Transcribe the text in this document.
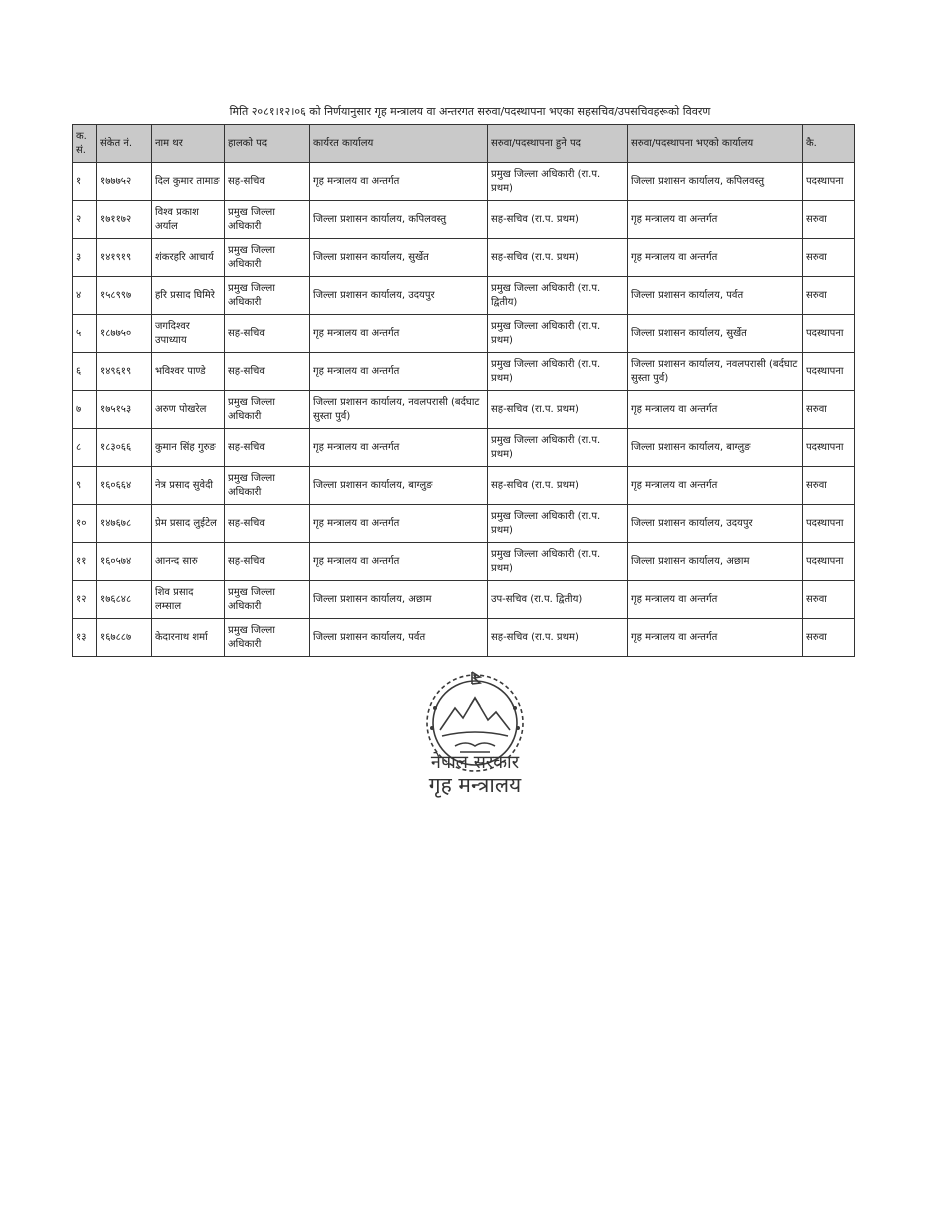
मिति २०८१।१२।०६ को निर्णयानुसार गृह मन्त्रालय वा अन्तरगत सरुवा/पदस्थापना भएका सहसचिव/उपसचिवहरूको विवरण
क.सं.	संकेत नं.	नाम थर	हालको पद	कार्यरत कार्यालय	सरुवा/पदस्थापना हुने पद	सरुवा/पदस्थापना भएको कार्यालय	कै.
१	१७७७५२	दिल कुमार तामाङ	सह-सचिव	गृह मन्त्रालय वा अन्तर्गत	प्रमुख जिल्ला अधिकारी (रा.प. प्रथम)	जिल्ला प्रशासन कार्यालय, कपिलवस्तु	पदस्थापना
२	१७११७२	विश्व प्रकाश अर्याल	प्रमुख जिल्ला अधिकारी	जिल्ला प्रशासन कार्यालय, कपिलवस्तु	सह-सचिव (रा.प. प्रथम)	गृह मन्त्रालय वा अन्तर्गत	सरुवा
३	१४१९१९	शंकरहरि आचार्य	प्रमुख जिल्ला अधिकारी	जिल्ला प्रशासन कार्यालय, सुर्खेत	सह-सचिव (रा.प. प्रथम)	गृह मन्त्रालय वा अन्तर्गत	सरुवा
४	१५८९९७	हरि प्रसाद घिमिरे	प्रमुख जिल्ला अधिकारी	जिल्ला प्रशासन कार्यालय, उदयपुर	प्रमुख जिल्ला अधिकारी (रा.प. द्वितीय)	जिल्ला प्रशासन कार्यालय, पर्वत	सरुवा
५	१८७७५०	जगदिश्वर उपाध्याय	सह-सचिव	गृह मन्त्रालय वा अन्तर्गत	प्रमुख जिल्ला अधिकारी (रा.प. प्रथम)	जिल्ला प्रशासन कार्यालय, सुर्खेत	पदस्थापना
६	१४९६१९	भविश्वर पाण्डे	सह-सचिव	गृह मन्त्रालय वा अन्तर्गत	प्रमुख जिल्ला अधिकारी (रा.प. प्रथम)	जिल्ला प्रशासन कार्यालय, नवलपरासी (बर्दघाट सुस्ता पुर्व)	पदस्थापना
७	१७५१५३	अरुण पोखरेल	प्रमुख जिल्ला अधिकारी	जिल्ला प्रशासन कार्यालय, नवलपरासी (बर्दघाट सुस्ता पुर्व)	सह-सचिव (रा.प. प्रथम)	गृह मन्त्रालय वा अन्तर्गत	सरुवा
८	१८३०६६	कुमान सिंह गुरुङ	सह-सचिव	गृह मन्त्रालय वा अन्तर्गत	प्रमुख जिल्ला अधिकारी (रा.प. प्रथम)	जिल्ला प्रशासन कार्यालय, बाग्लुङ	पदस्थापना
९	१६०६६४	नेत्र प्रसाद सुवेदी	प्रमुख जिल्ला अधिकारी	जिल्ला प्रशासन कार्यालय, बाग्लुङ	सह-सचिव (रा.प. प्रथम)	गृह मन्त्रालय वा अन्तर्गत	सरुवा
१०	१४७६७८	प्रेम प्रसाद लुईटेल	सह-सचिव	गृह मन्त्रालय वा अन्तर्गत	प्रमुख जिल्ला अधिकारी (रा.प. प्रथम)	जिल्ला प्रशासन कार्यालय, उदयपुर	पदस्थापना
११	१६०५७४	आनन्द सारु	सह-सचिव	गृह मन्त्रालय वा अन्तर्गत	प्रमुख जिल्ला अधिकारी (रा.प. प्रथम)	जिल्ला प्रशासन कार्यालय, अछाम	पदस्थापना
१२	१७६८४८	शिव प्रसाद लम्साल	प्रमुख जिल्ला अधिकारी	जिल्ला प्रशासन कार्यालय, अछाम	उप-सचिव (रा.प. द्वितीय)	गृह मन्त्रालय वा अन्तर्गत	सरुवा
१३	१६७८८७	केदारनाथ शर्मा	प्रमुख जिल्ला अधिकारी	जिल्ला प्रशासन कार्यालय, पर्वत	सह-सचिव (रा.प. प्रथम)	गृह मन्त्रालय वा अन्तर्गत	सरुवा
नेपाल सरकार
गृह मन्त्रालय
